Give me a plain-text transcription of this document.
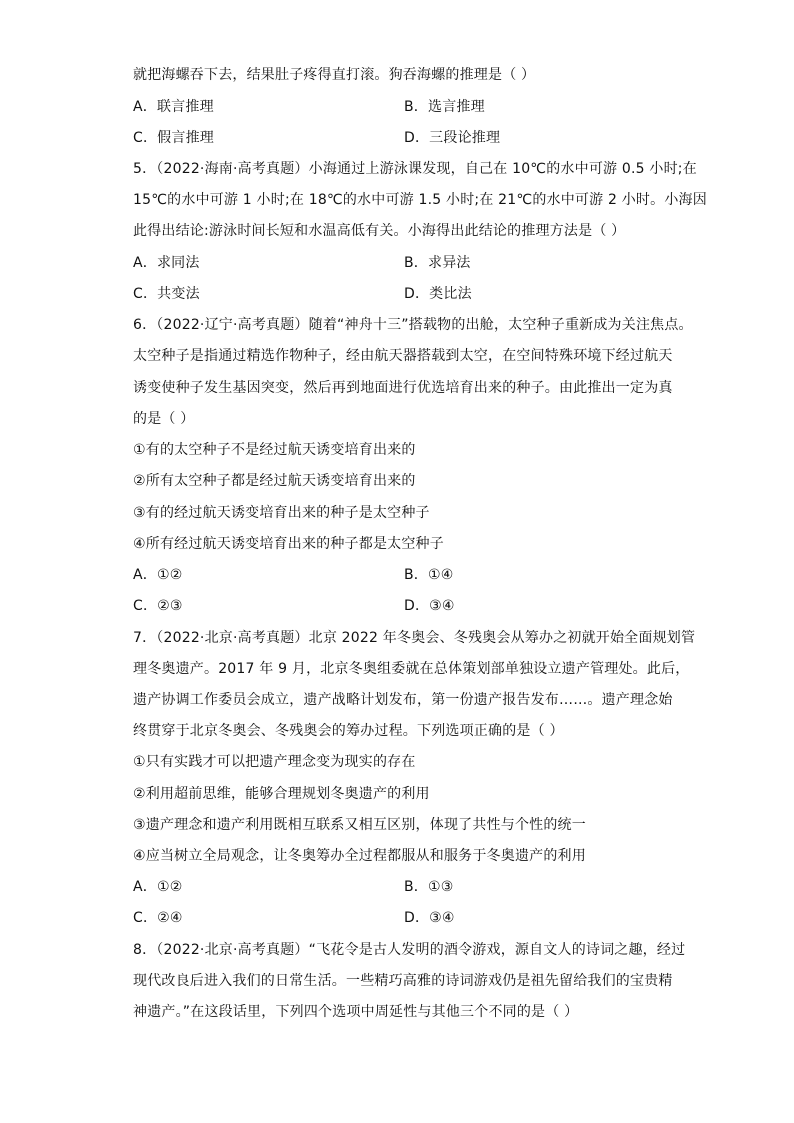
就把海螺吞下去，结果肚子疼得直打滚。狗吞海螺的推理是（ ）
A．联言推理	B．选言推理
C．假言推理	D．三段论推理
5．（2022·海南·高考真题）小海通过上游泳课发现，自己在 10℃的水中可游 0.5 小时;在
15℃的水中可游 1 小时;在 18℃的水中可游 1.5 小时;在 21℃的水中可游 2 小时。小海因
此得出结论:游泳时间长短和水温高低有关。小海得出此结论的推理方法是（ ）
A．求同法	B．求异法
C．共变法	D．类比法
6．（2022·辽宁·高考真题）随着“神舟十三”搭载物的出舱，太空种子重新成为关注焦点。
太空种子是指通过精选作物种子，经由航天器搭载到太空，在空间特殊环境下经过航天
诱变使种子发生基因突变，然后再到地面进行优选培育出来的种子。由此推出一定为真
的是（ ）
①有的太空种子不是经过航天诱变培育出来的
②所有太空种子都是经过航天诱变培育出来的
③有的经过航天诱变培育出来的种子是太空种子
④所有经过航天诱变培育出来的种子都是太空种子
A．①②	B．①④
C．②③	D．③④
7．（2022·北京·高考真题）北京 2022 年冬奥会、冬残奥会从筹办之初就开始全面规划管
理冬奥遗产。2017 年 9 月，北京冬奥组委就在总体策划部单独设立遗产管理处。此后，
遗产协调工作委员会成立，遗产战略计划发布，第一份遗产报告发布……。遗产理念始
终贯穿于北京冬奥会、冬残奥会的筹办过程。下列选项正确的是（ ）
①只有实践才可以把遗产理念变为现实的存在
②利用超前思维，能够合理规划冬奥遗产的利用
③遗产理念和遗产利用既相互联系又相互区别，体现了共性与个性的统一
④应当树立全局观念，让冬奥筹办全过程都服从和服务于冬奥遗产的利用
A．①②	B．①③
C．②④	D．③④
8．（2022·北京·高考真题）“飞花令是古人发明的酒令游戏，源自文人的诗词之趣，经过
现代改良后进入我们的日常生活。一些精巧高雅的诗词游戏仍是祖先留给我们的宝贵精
神遗产。”在这段话里，下列四个选项中周延性与其他三个不同的是（ ）
